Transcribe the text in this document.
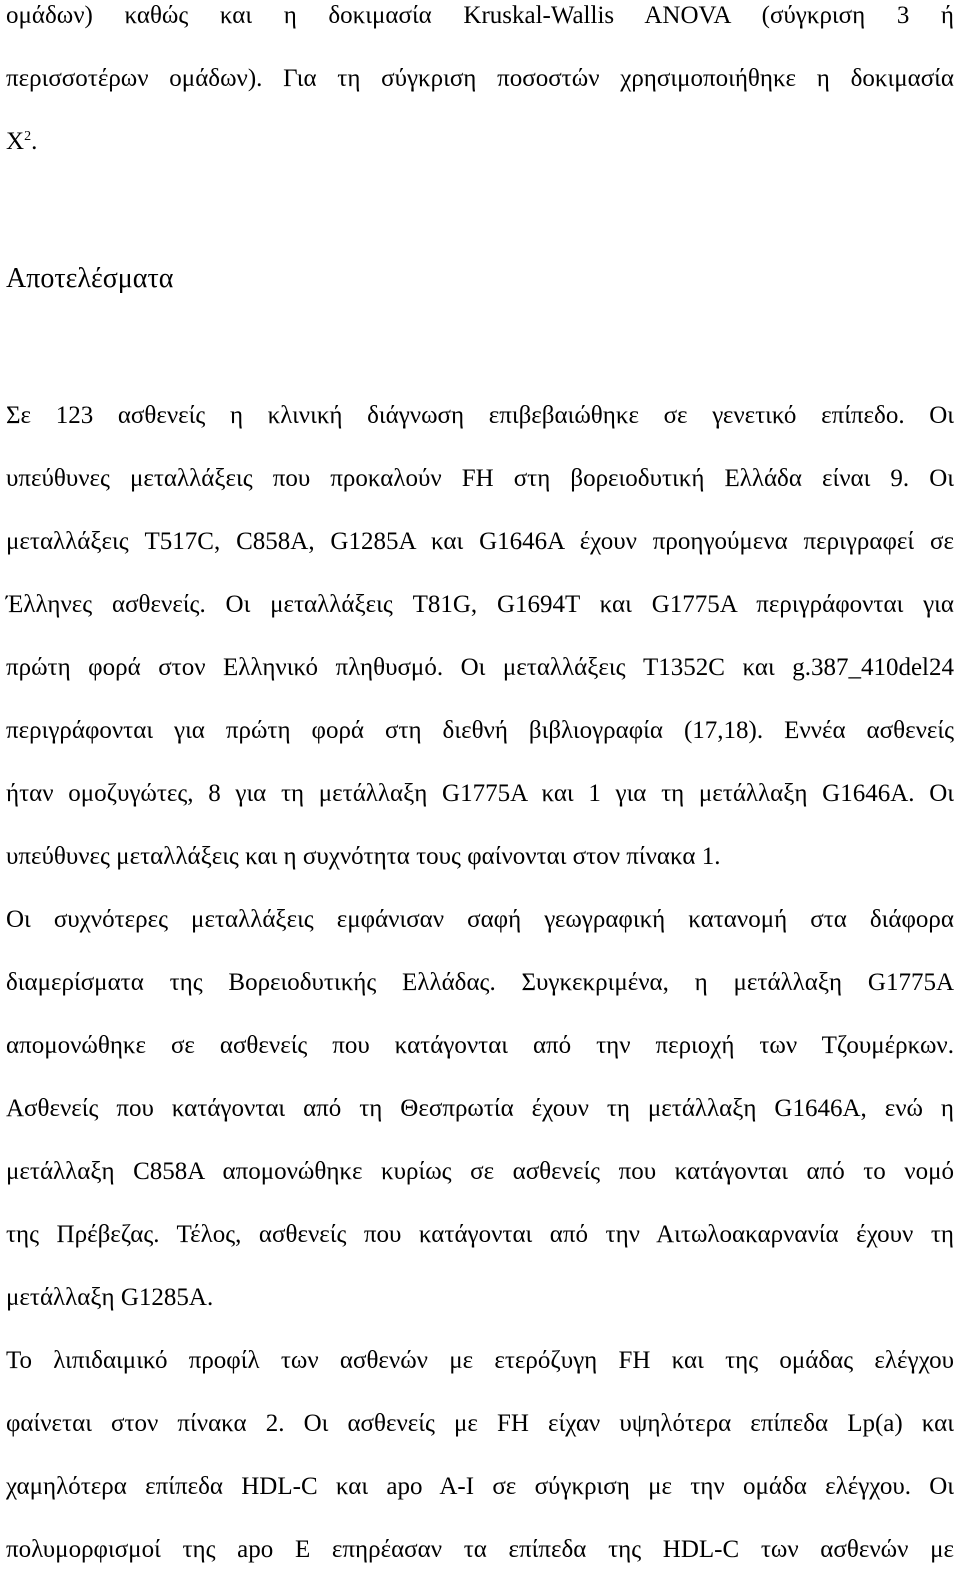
ομάδων) καθώς και η δοκιμασία Kruskal-Wallis ANOVA (σύγκριση 3 ή
περισσοτέρων ομάδων). Για τη σύγκριση ποσοστών χρησιμοποιήθηκε η δοκιμασία
$X^2$.
Αποτελέσματα
Σε 123 ασθενείς η κλινική διάγνωση επιβεβαιώθηκε σε γενετικό επίπεδο. Οι
υπεύθυνες μεταλλάξεις που προκαλούν FH στη βορειοδυτική Ελλάδα είναι 9. Οι
μεταλλάξεις T517C, C858A, G1285A και G1646A έχουν προηγούμενα περιγραφεί σε
Έλληνες ασθενείς. Οι μεταλλάξεις T81G, G1694T και G1775A περιγράφονται για
πρώτη φορά στον Ελληνικό πληθυσμό. Οι μεταλλάξεις T1352C και g.387_410del24
περιγράφονται για πρώτη φορά στη διεθνή βιβλιογραφία (17,18). Εννέα ασθενείς
ήταν ομοζυγώτες, 8 για τη μετάλλαξη G1775A και 1 για τη μετάλλαξη G1646A. Οι
υπεύθυνες μεταλλάξεις και η συχνότητα τους φαίνονται στον πίνακα 1.
Οι συχνότερες μεταλλάξεις εμφάνισαν σαφή γεωγραφική κατανομή στα διάφορα
διαμερίσματα της Βορειοδυτικής Ελλάδας. Συγκεκριμένα, η μετάλλαξη G1775A
απομονώθηκε σε ασθενείς που κατάγονται από την περιοχή των Τζουμέρκων.
Ασθενείς που κατάγονται από τη Θεσπρωτία έχουν τη μετάλλαξη G1646A, ενώ η
μετάλλαξη C858A απομονώθηκε κυρίως σε ασθενείς που κατάγονται από το νομό
της Πρέβεζας. Τέλος, ασθενείς που κατάγονται από την Αιτωλοακαρνανία έχουν τη
μετάλλαξη G1285A.
Το λιπιδαιμικό προφίλ των ασθενών με ετερόζυγη FH και της ομάδας ελέγχου
φαίνεται στον πίνακα 2. Οι ασθενείς με FH είχαν υψηλότερα επίπεδα Lp(a) και
χαμηλότερα επίπεδα HDL-C και apo A-I σε σύγκριση με την ομάδα ελέγχου. Οι
πολυμορφισμοί της apo E επηρέασαν τα επίπεδα της HDL-C των ασθενών με
